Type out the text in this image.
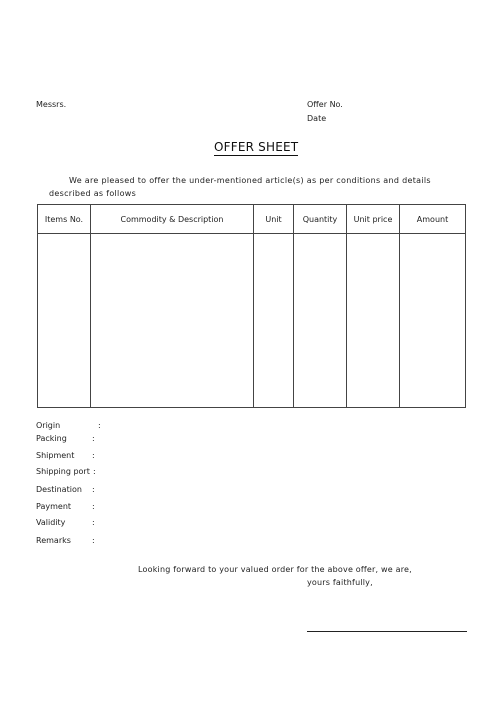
Messrs.	Offer No.
Date
OFFER SHEET
We are pleased to offer the under-mentioned article(s) as per conditions and details
described as follows
Items No.	Commodity & Description	Unit	Quantity	Unit price	Amount

Origin	:
Packing	:
Shipment :
Shipping port :
Destination :
Payment	:
Validity	:
Remarks	:
Looking forward to your valued order for the above offer, we are,
yours faithfully,
